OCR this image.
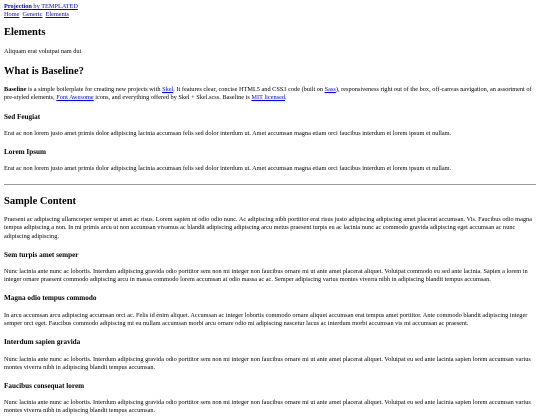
Projection by TEMPLATED
Home Generic Elements
Elements
Aliquam erat volutpat nam dui
What is Baseline?

Baseline is a simple boilerplate for creating new projects with Skel. It features clear, concise HTML5 and CSS3 code (built on Sass), responsiveness right out of the box, off-canvas navigation, an assortment of pre-styled elements, Font Awesome icons, and everything offered by Skel + Skel.scss. Baseline is MIT licensed.

Sed Feugiat

Erat ac non lorem justo amet primis dolor adipiscing lacinia accumsan felis sed dolor interdum ut. Amet accumsan magna etiam orci faucibus interdum et lorem ipsum et nullam.

Lorem Ipsum

Erat ac non lorem justo amet primis dolor adipiscing lacinia accumsan felis sed dolor interdum ut. Amet accumsan magna etiam orci faucibus interdum et lorem ipsum et nullam.

Sample Content

Praesent ac adipiscing ullamcorper semper ut amet ac risus. Lorem sapien ut odio odio nunc. Ac adipiscing nibh porttitor erat risus justo adipiscing adipiscing amet placerat accumsan. Vis. Faucibus odio magna tempus adipiscing a non. In mi primis arcu ut non accumsan vivamus ac blandit adipiscing adipiscing arcu metus praesent turpis eu ac lacinia nunc ac commodo gravida adipiscing eget accumsan ac nunc adipiscing adipiscing.

Sem turpis amet semper

Nunc lacinia ante nunc ac lobortis. Interdum adipiscing gravida odio porttitor sem non mi integer non faucibus ornare mi ut ante amet placerat aliquet. Volutpat commodo eu sed ante lacinia. Sapien a lorem in integer ornare praesent commodo adipiscing arcu in massa commodo lorem accumsan at odio massa ac ac. Semper adipiscing varius montes viverra nibh in adipiscing blandit tempus accumsan.

Magna odio tempus commodo

In arcu accumsan arcu adipiscing accumsan orci ac. Felis id enim aliquet. Accumsan ac integer lobortis commodo ornare aliquet accumsan erat tempus amet porttitor. Ante commodo blandit adipiscing integer semper orci eget. Faucibus commodo adipiscing mi eu nullam accumsan morbi arcu ornare odio mi adipiscing nascetur lacus ac interdum morbi accumsan vis mi accumsan ac praesent.

Interdum sapien gravida

Nunc lacinia ante nunc ac lobortis. Interdum adipiscing gravida odio porttitor sem non mi integer non faucibus ornare mi ut ante amet placerat aliquet. Volutpat eu sed ante lacinia sapien lorem accumsan varius montes viverra nibh in adipiscing blandit tempus accumsan.

Faucibus consequat lorem

Nunc lacinia ante nunc ac lobortis. Interdum adipiscing gravida odio porttitor sem non mi integer non faucibus ornare mi ut ante amet placerat aliquet. Volutpat eu sed ante lacinia sapien lorem accumsan varius montes viverra nibh in adipiscing blandit tempus accumsan.
